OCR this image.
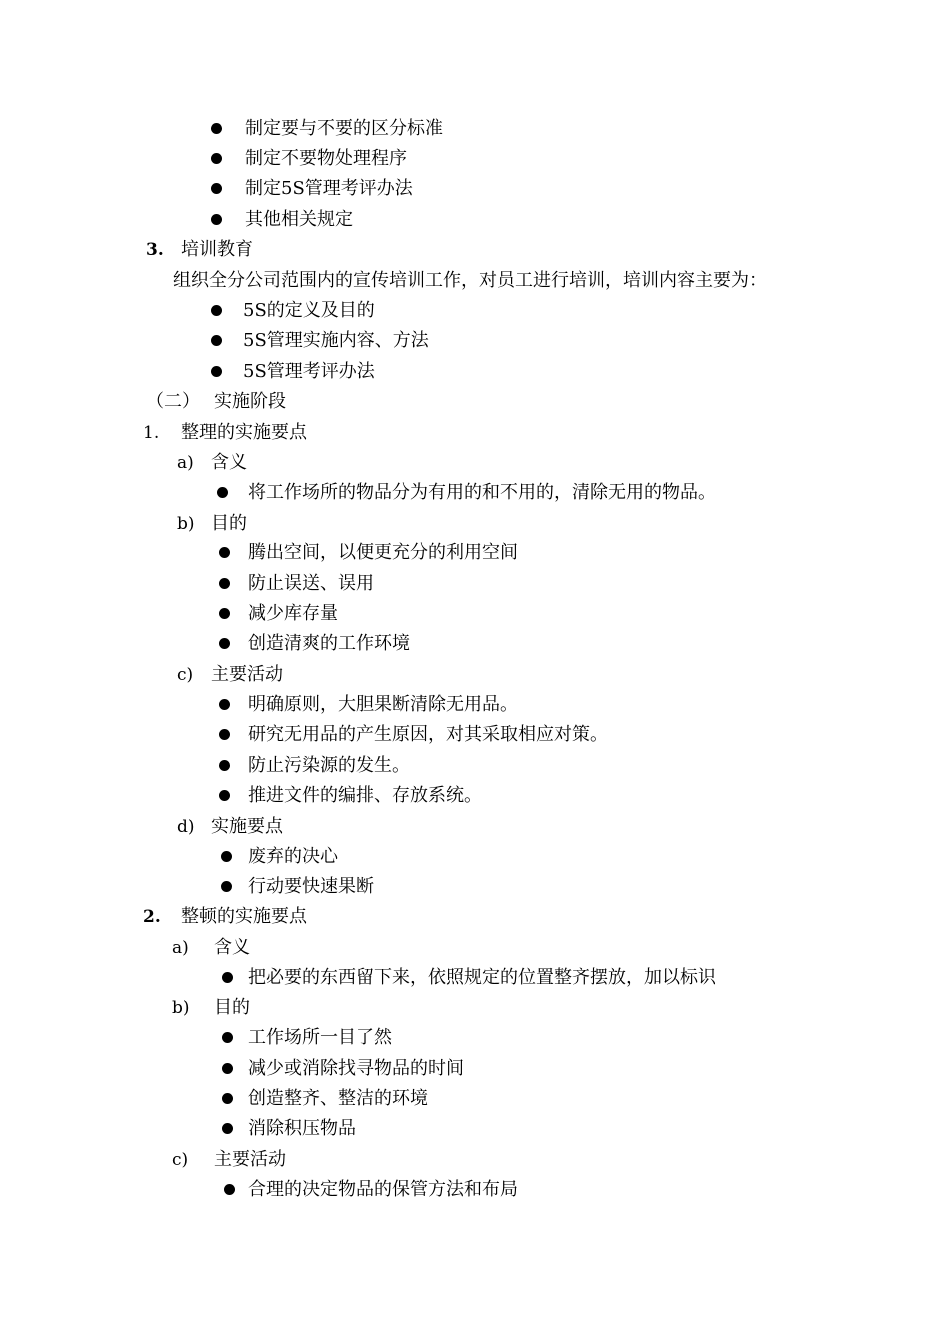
制定要与不要的区分标准
制定不要物处理程序
制定5S管理考评办法
其他相关规定
3. 培训教育
组织全分公司范围内的宣传培训工作，对员工进行培训，培训内容主要为：
5S的定义及目的
5S管理实施内容、方法
5S管理考评办法
（二） 实施阶段
1. 整理的实施要点
a) 含义
将工作场所的物品分为有用的和不用的，清除无用的物品。
b) 目的
腾出空间，以便更充分的利用空间
防止误送、误用
减少库存量
创造清爽的工作环境
c) 主要活动
明确原则，大胆果断清除无用品。
研究无用品的产生原因，对其采取相应对策。
防止污染源的发生。
推进文件的编排、存放系统。
d) 实施要点
废弃的决心
行动要快速果断
2. 整顿的实施要点
a) 含义
把必要的东西留下来，依照规定的位置整齐摆放，加以标识
b) 目的
工作场所一目了然
减少或消除找寻物品的时间
创造整齐、整洁的环境
消除积压物品
c) 主要活动
合理的决定物品的保管方法和布局
